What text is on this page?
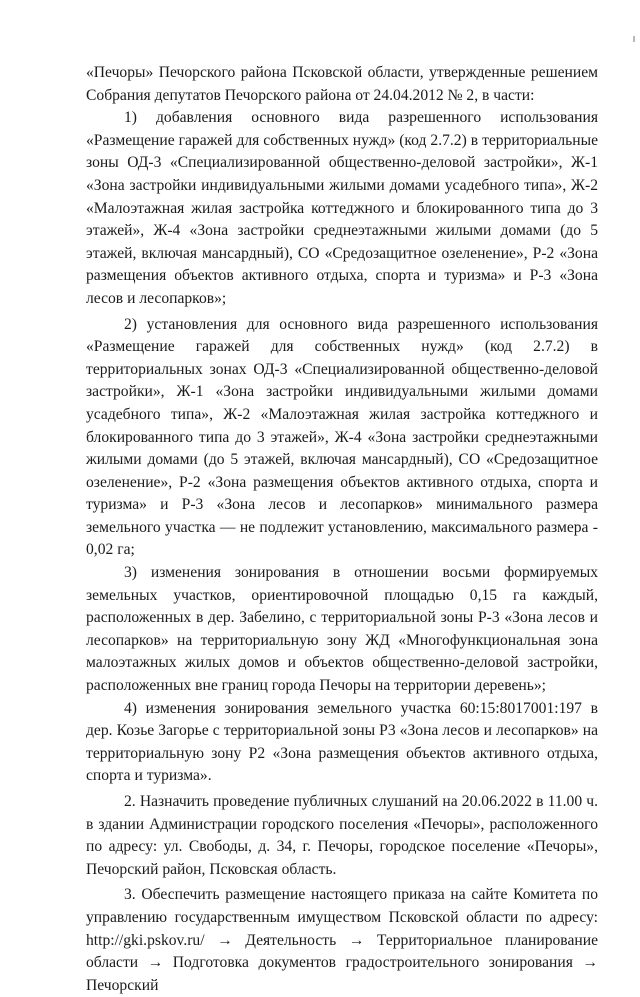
«Печоры» Печорского района Псковской области, утвержденные решением Собрания депутатов Печорского района от 24.04.2012 № 2, в части:

1) добавления основного вида разрешенного использования «Размещение гаражей для собственных нужд» (код 2.7.2) в территориальные зоны ОД-3 «Специализированной общественно-деловой застройки», Ж-1 «Зона застройки индивидуальными жилыми домами усадебного типа», Ж-2 «Малоэтажная жилая застройка коттеджного и блокированного типа до 3 этажей», Ж-4 «Зона застройки среднеэтажными жилыми домами (до 5 этажей, включая мансардный), СО «Средозащитное озеленение», Р-2 «Зона размещения объектов активного отдыха, спорта и туризма» и Р-3 «Зона лесов и лесопарков»;

2) установления для основного вида разрешенного использования «Размещение гаражей для собственных нужд» (код 2.7.2) в территориальных зонах ОД-3 «Специализированной общественно-деловой застройки», Ж-1 «Зона застройки индивидуальными жилыми домами усадебного типа», Ж-2 «Малоэтажная жилая застройка коттеджного и блокированного типа до 3 этажей», Ж-4 «Зона застройки среднеэтажными жилыми домами (до 5 этажей, включая мансардный), СО «Средозащитное озеленение», Р-2 «Зона размещения объектов активного отдыха, спорта и туризма» и Р-3 «Зона лесов и лесопарков» минимального размера земельного участка — не подлежит установлению, максимального размера - 0,02 га;

3) изменения зонирования в отношении восьми формируемых земельных участков, ориентировочной площадью 0,15 га каждый, расположенных в дер. Забелино, с территориальной зоны Р-3 «Зона лесов и лесопарков» на территориальную зону ЖД «Многофункциональная зона малоэтажных жилых домов и объектов общественно-деловой застройки, расположенных вне границ города Печоры на территории деревень»;

4) изменения зонирования земельного участка 60:15:8017001:197 в дер. Козье Загорье с территориальной зоны Р3 «Зона лесов и лесопарков» на территориальную зону Р2 «Зона размещения объектов активного отдыха, спорта и туризма».

2. Назначить проведение публичных слушаний на 20.06.2022 в 11.00 ч. в здании Администрации городского поселения «Печоры», расположенного по адресу: ул. Свободы, д. 34, г. Печоры, городское поселение «Печоры», Печорский район, Псковская область.

3. Обеспечить размещение настоящего приказа на сайте Комитета по управлению государственным имуществом Псковской области по адресу: http://gki.pskov.ru/ → Деятельность → Территориальное планирование области → Подготовка документов градостроительного зонирования → Печорский
